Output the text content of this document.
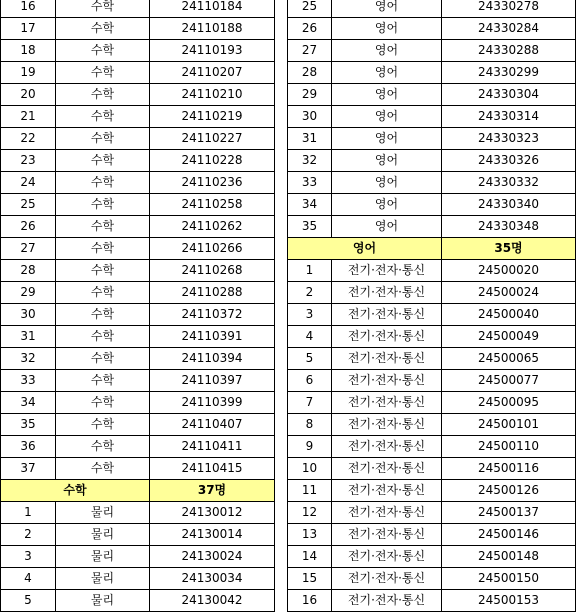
16	수학	24110184
17	수학	24110188
18	수학	24110193
19	수학	24110207
20	수학	24110210
21	수학	24110219
22	수학	24110227
23	수학	24110228
24	수학	24110236
25	수학	24110258
26	수학	24110262
27	수학	24110266
28	수학	24110268
29	수학	24110288
30	수학	24110372
31	수학	24110391
32	수학	24110394
33	수학	24110397
34	수학	24110399
35	수학	24110407
36	수학	24110411
37	수학	24110415
수학		37명
1	물리	24130012
2	물리	24130014
3	물리	24130024
4	물리	24130034
5	물리	24130042
25	영어	24330278
26	영어	24330284
27	영어	24330288
28	영어	24330299
29	영어	24330304
30	영어	24330314
31	영어	24330323
32	영어	24330326
33	영어	24330332
34	영어	24330340
35	영어	24330348
영어		35명
1	전기·전자·통신	24500020
2	전기·전자·통신	24500024
3	전기·전자·통신	24500040
4	전기·전자·통신	24500049
5	전기·전자·통신	24500065
6	전기·전자·통신	24500077
7	전기·전자·통신	24500095
8	전기·전자·통신	24500101
9	전기·전자·통신	24500110
10	전기·전자·통신	24500116
11	전기·전자·통신	24500126
12	전기·전자·통신	24500137
13	전기·전자·통신	24500146
14	전기·전자·통신	24500148
15	전기·전자·통신	24500150
16	전기·전자·통신	24500153
